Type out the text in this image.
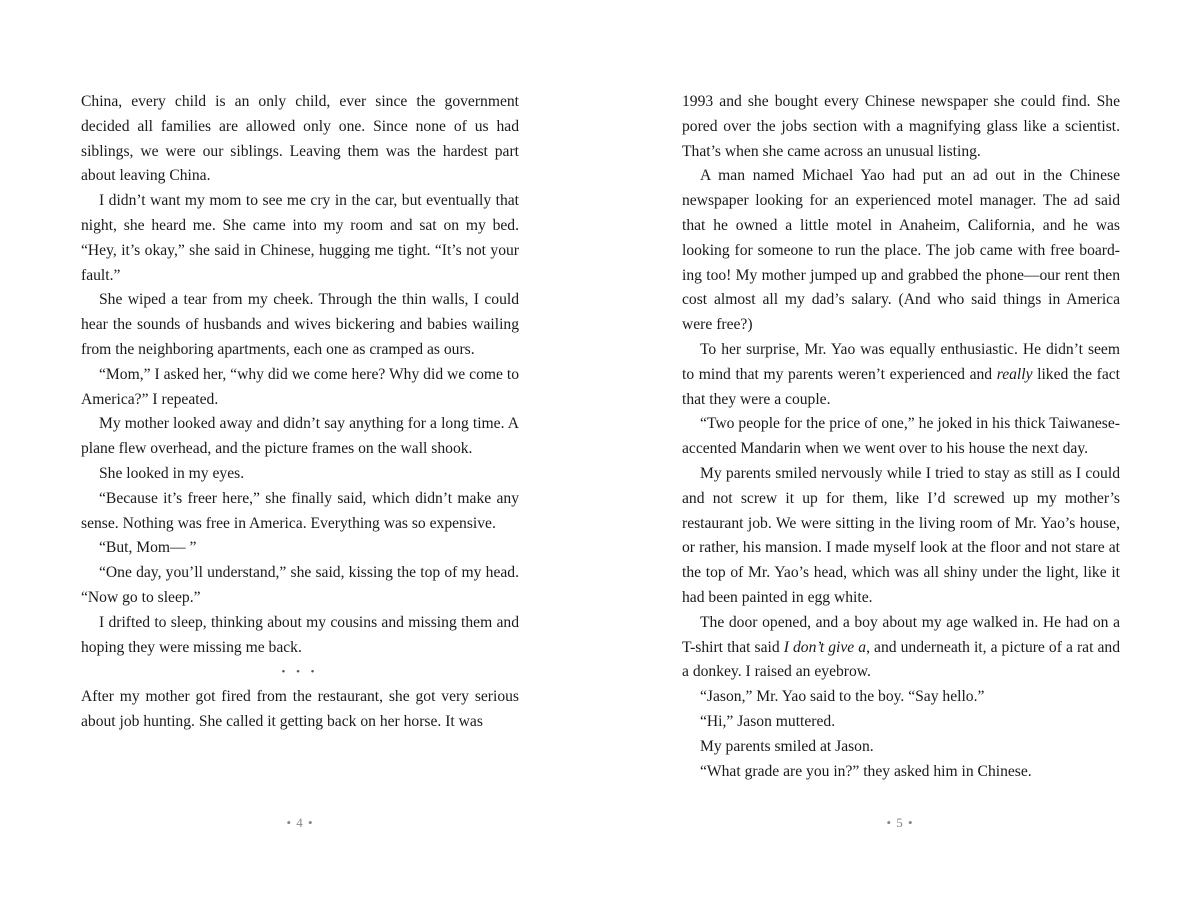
China, every child is an only child, ever since the government decided all families are allowed only one. Since none of us had siblings, we were our siblings. Leaving them was the hardest part about leaving China.

I didn’t want my mom to see me cry in the car, but eventually that night, she heard me. She came into my room and sat on my bed. “Hey, it’s okay,” she said in Chinese, hugging me tight. “It’s not your fault.”

She wiped a tear from my cheek. Through the thin walls, I could hear the sounds of husbands and wives bickering and babies wailing from the neighboring apartments, each one as cramped as ours.

“Mom,” I asked her, “why did we come here? Why did we come to America?” I repeated.

My mother looked away and didn’t say anything for a long time. A plane flew overhead, and the picture frames on the wall shook.

She looked in my eyes.

“Because it’s freer here,” she finally said, which didn’t make any sense. Nothing was free in America. Everything was so expensive.

“But, Mom— ”

“One day, you’ll understand,” she said, kissing the top of my head. “Now go to sleep.”

I drifted to sleep, thinking about my cousins and missing them and hoping they were missing me back.

• • •

After my mother got fired from the restaurant, she got very serious about job hunting. She called it getting back on her horse. It was

1993 and she bought every Chinese newspaper she could find. She pored over the jobs section with a magnifying glass like a scientist. That’s when she came across an unusual listing.

A man named Michael Yao had put an ad out in the Chinese newspaper looking for an experienced motel manager. The ad said that he owned a little motel in Anaheim, California, and he was looking for someone to run the place. The job came with free boarding too! My mother jumped up and grabbed the phone—our rent then cost almost all my dad’s salary. (And who said things in America were free?)

To her surprise, Mr. Yao was equally enthusiastic. He didn’t seem to mind that my parents weren’t experienced and really liked the fact that they were a couple.

“Two people for the price of one,” he joked in his thick Taiwanese-accented Mandarin when we went over to his house the next day.

My parents smiled nervously while I tried to stay as still as I could and not screw it up for them, like I’d screwed up my mother’s restaurant job. We were sitting in the living room of Mr. Yao’s house, or rather, his mansion. I made myself look at the floor and not stare at the top of Mr. Yao’s head, which was all shiny under the light, like it had been painted in egg white.

The door opened, and a boy about my age walked in. He had on a T-shirt that said I don’t give a, and underneath it, a picture of a rat and a donkey. I raised an eyebrow.

“Jason,” Mr. Yao said to the boy. “Say hello.”

“Hi,” Jason muttered.

My parents smiled at Jason.

“What grade are you in?” they asked him in Chinese.

• 4 •	• 5 •
